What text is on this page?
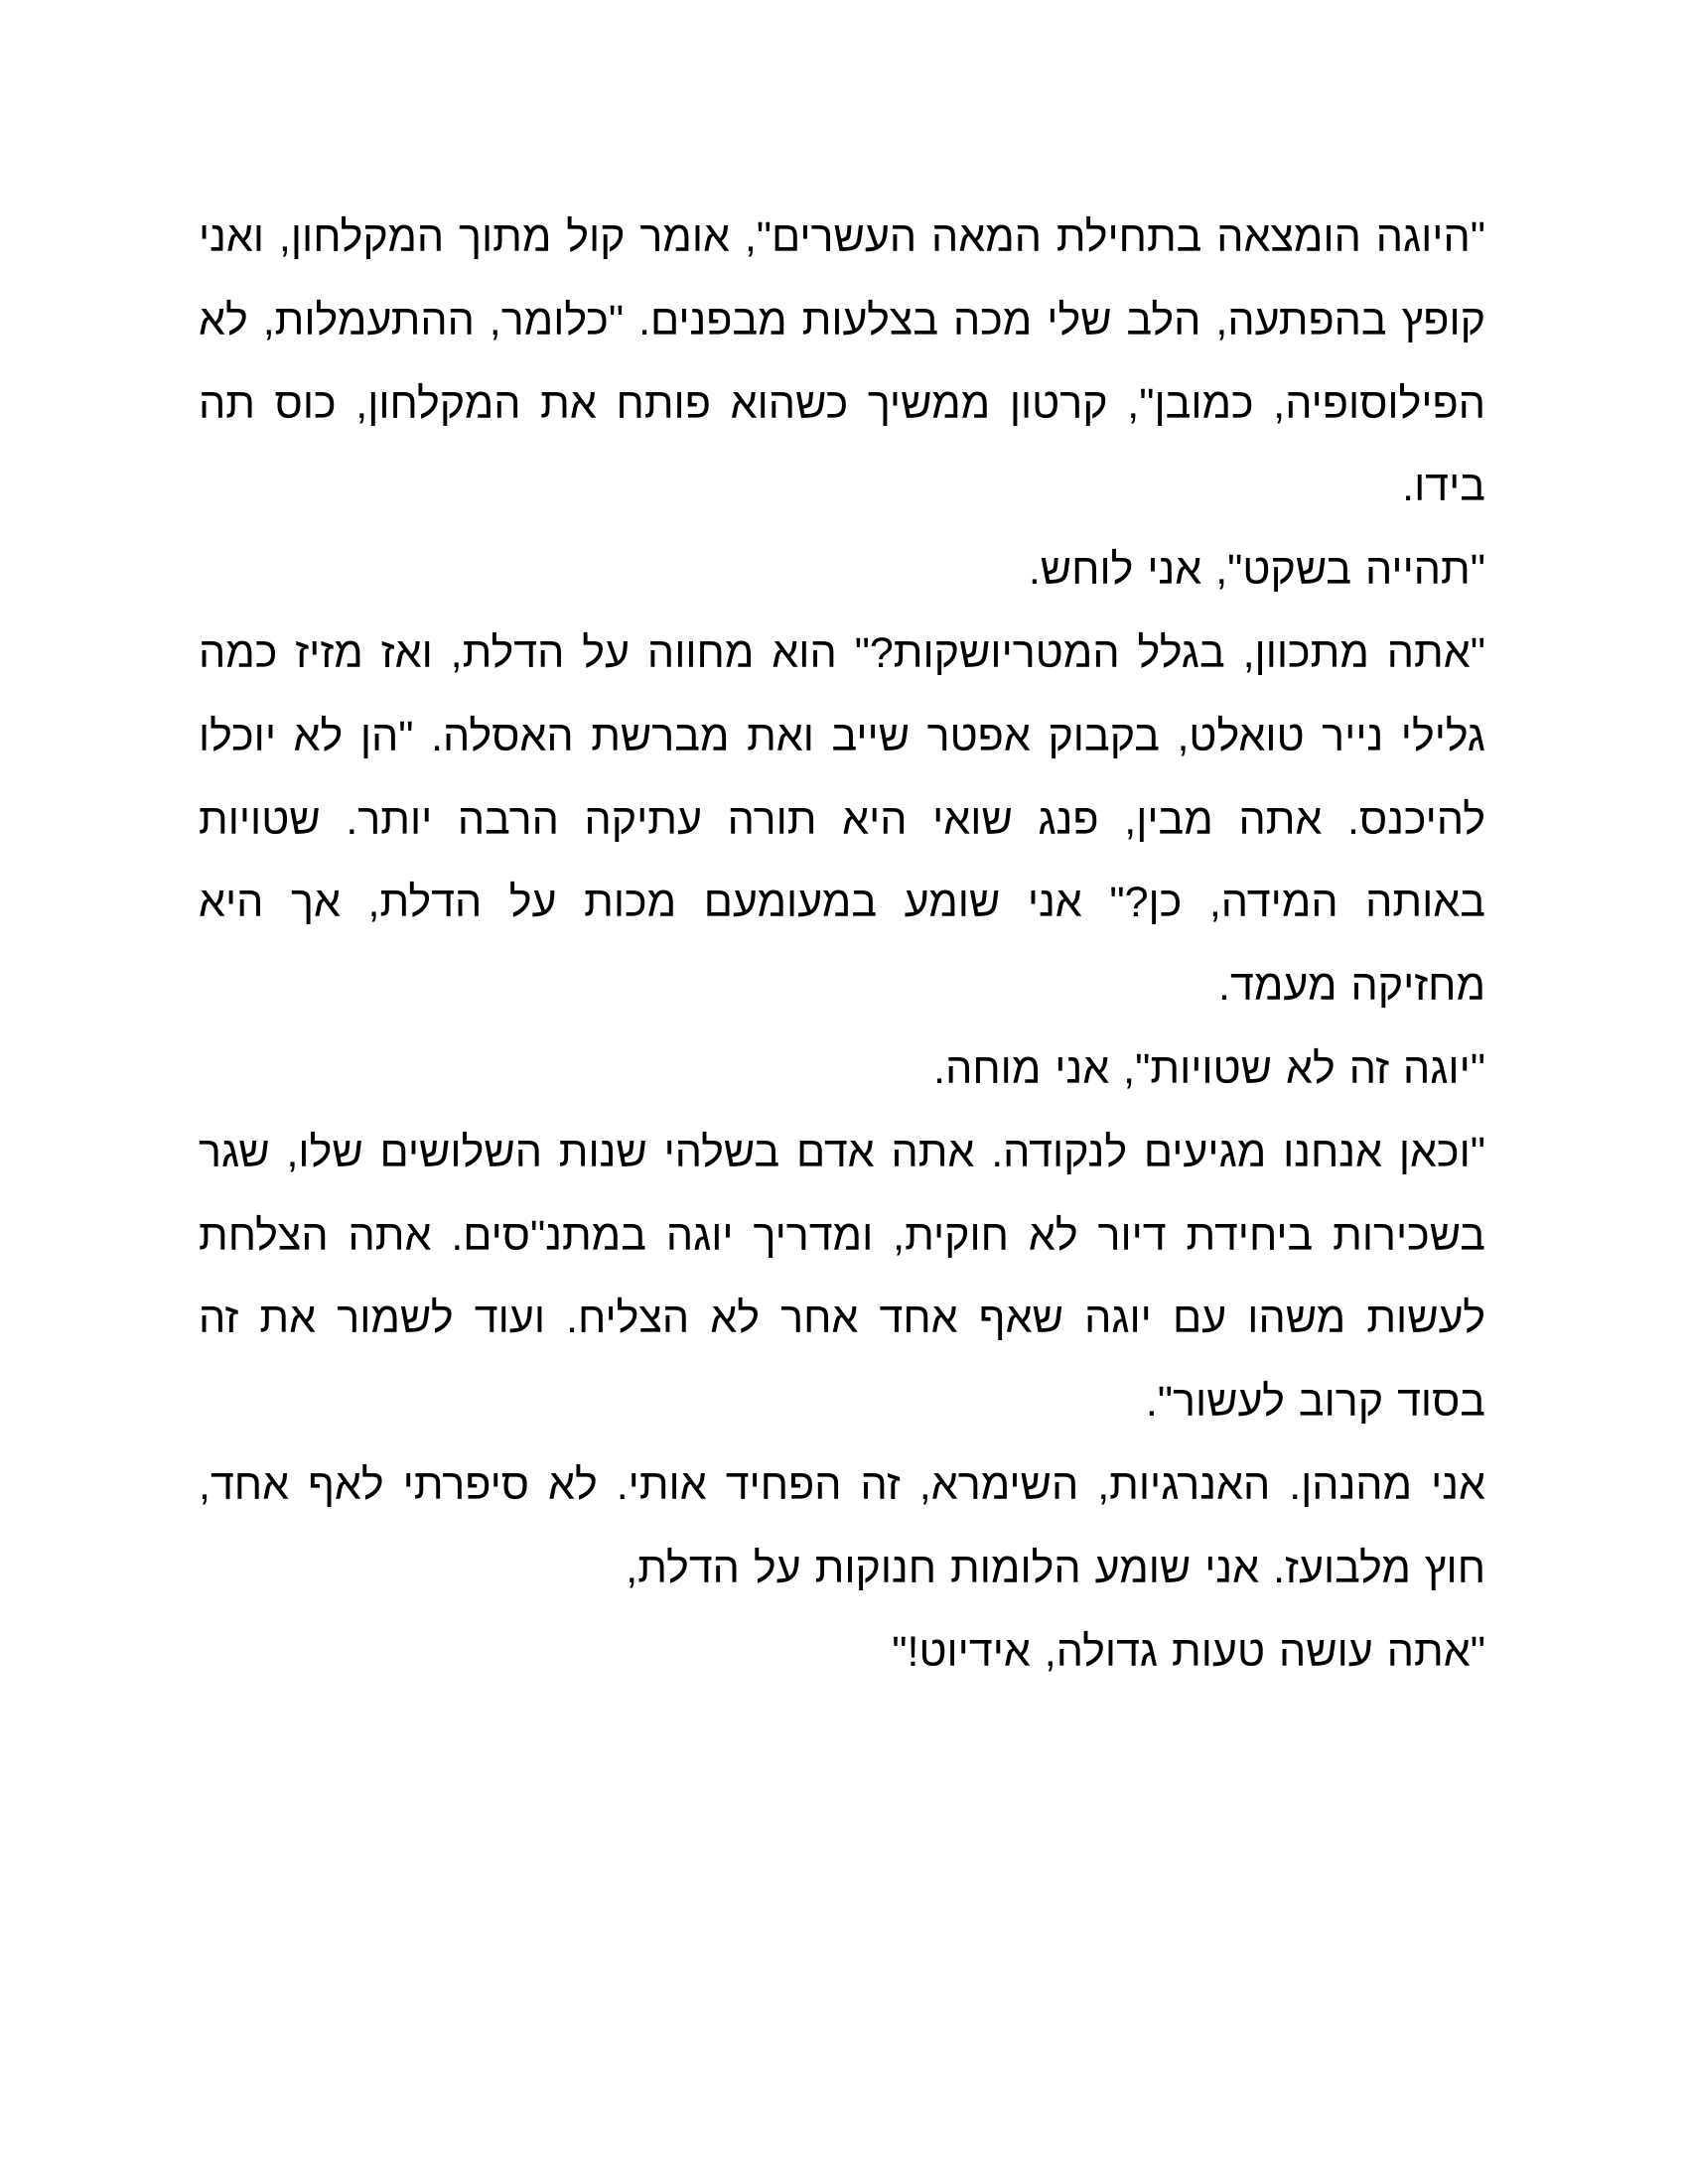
"היוגה הומצאה בתחילת המאה העשרים", אומר קול מתוך המקלחון, ואני קופץ בהפתעה, הלב שלי מכה בצלעות מבפנים. "כלומר, ההתעמלות, לא הפילוסופיה, כמובן", קרטון ממשיך כשהוא פותח את המקלחון, כוס תה בידו.

"תהייה בשקט", אני לוחש.

"אתה מתכוון, בגלל המטריושקות?" הוא מחווה על הדלת, ואז מזיז כמה גלילי נייר טואלט, בקבוק אפטר שייב ואת מברשת האסלה. "הן לא יוכלו להיכנס. אתה מבין, פנג שואי היא תורה עתיקה הרבה יותר. שטויות באותה המידה, כן?" אני שומע במעומעם מכות על הדלת, אך היא מחזיקה מעמד.

"יוגה זה לא שטויות", אני מוחה.

"וכאן אנחנו מגיעים לנקודה. אתה אדם בשלהי שנות השלושים שלו, שגר בשכירות ביחידת דיור לא חוקית, ומדריך יוגה במתנ"סים. אתה הצלחת לעשות משהו עם יוגה שאף אחד אחר לא הצליח. ועוד לשמור את זה בסוד קרוב לעשור".

אני מהנהן. האנרגיות, השימרא, זה הפחיד אותי. לא סיפרתי לאף אחד, חוץ מלבועז. אני שומע הלומות חנוקות על הדלת,

"אתה עושה טעות גדולה, אידיוט!"
